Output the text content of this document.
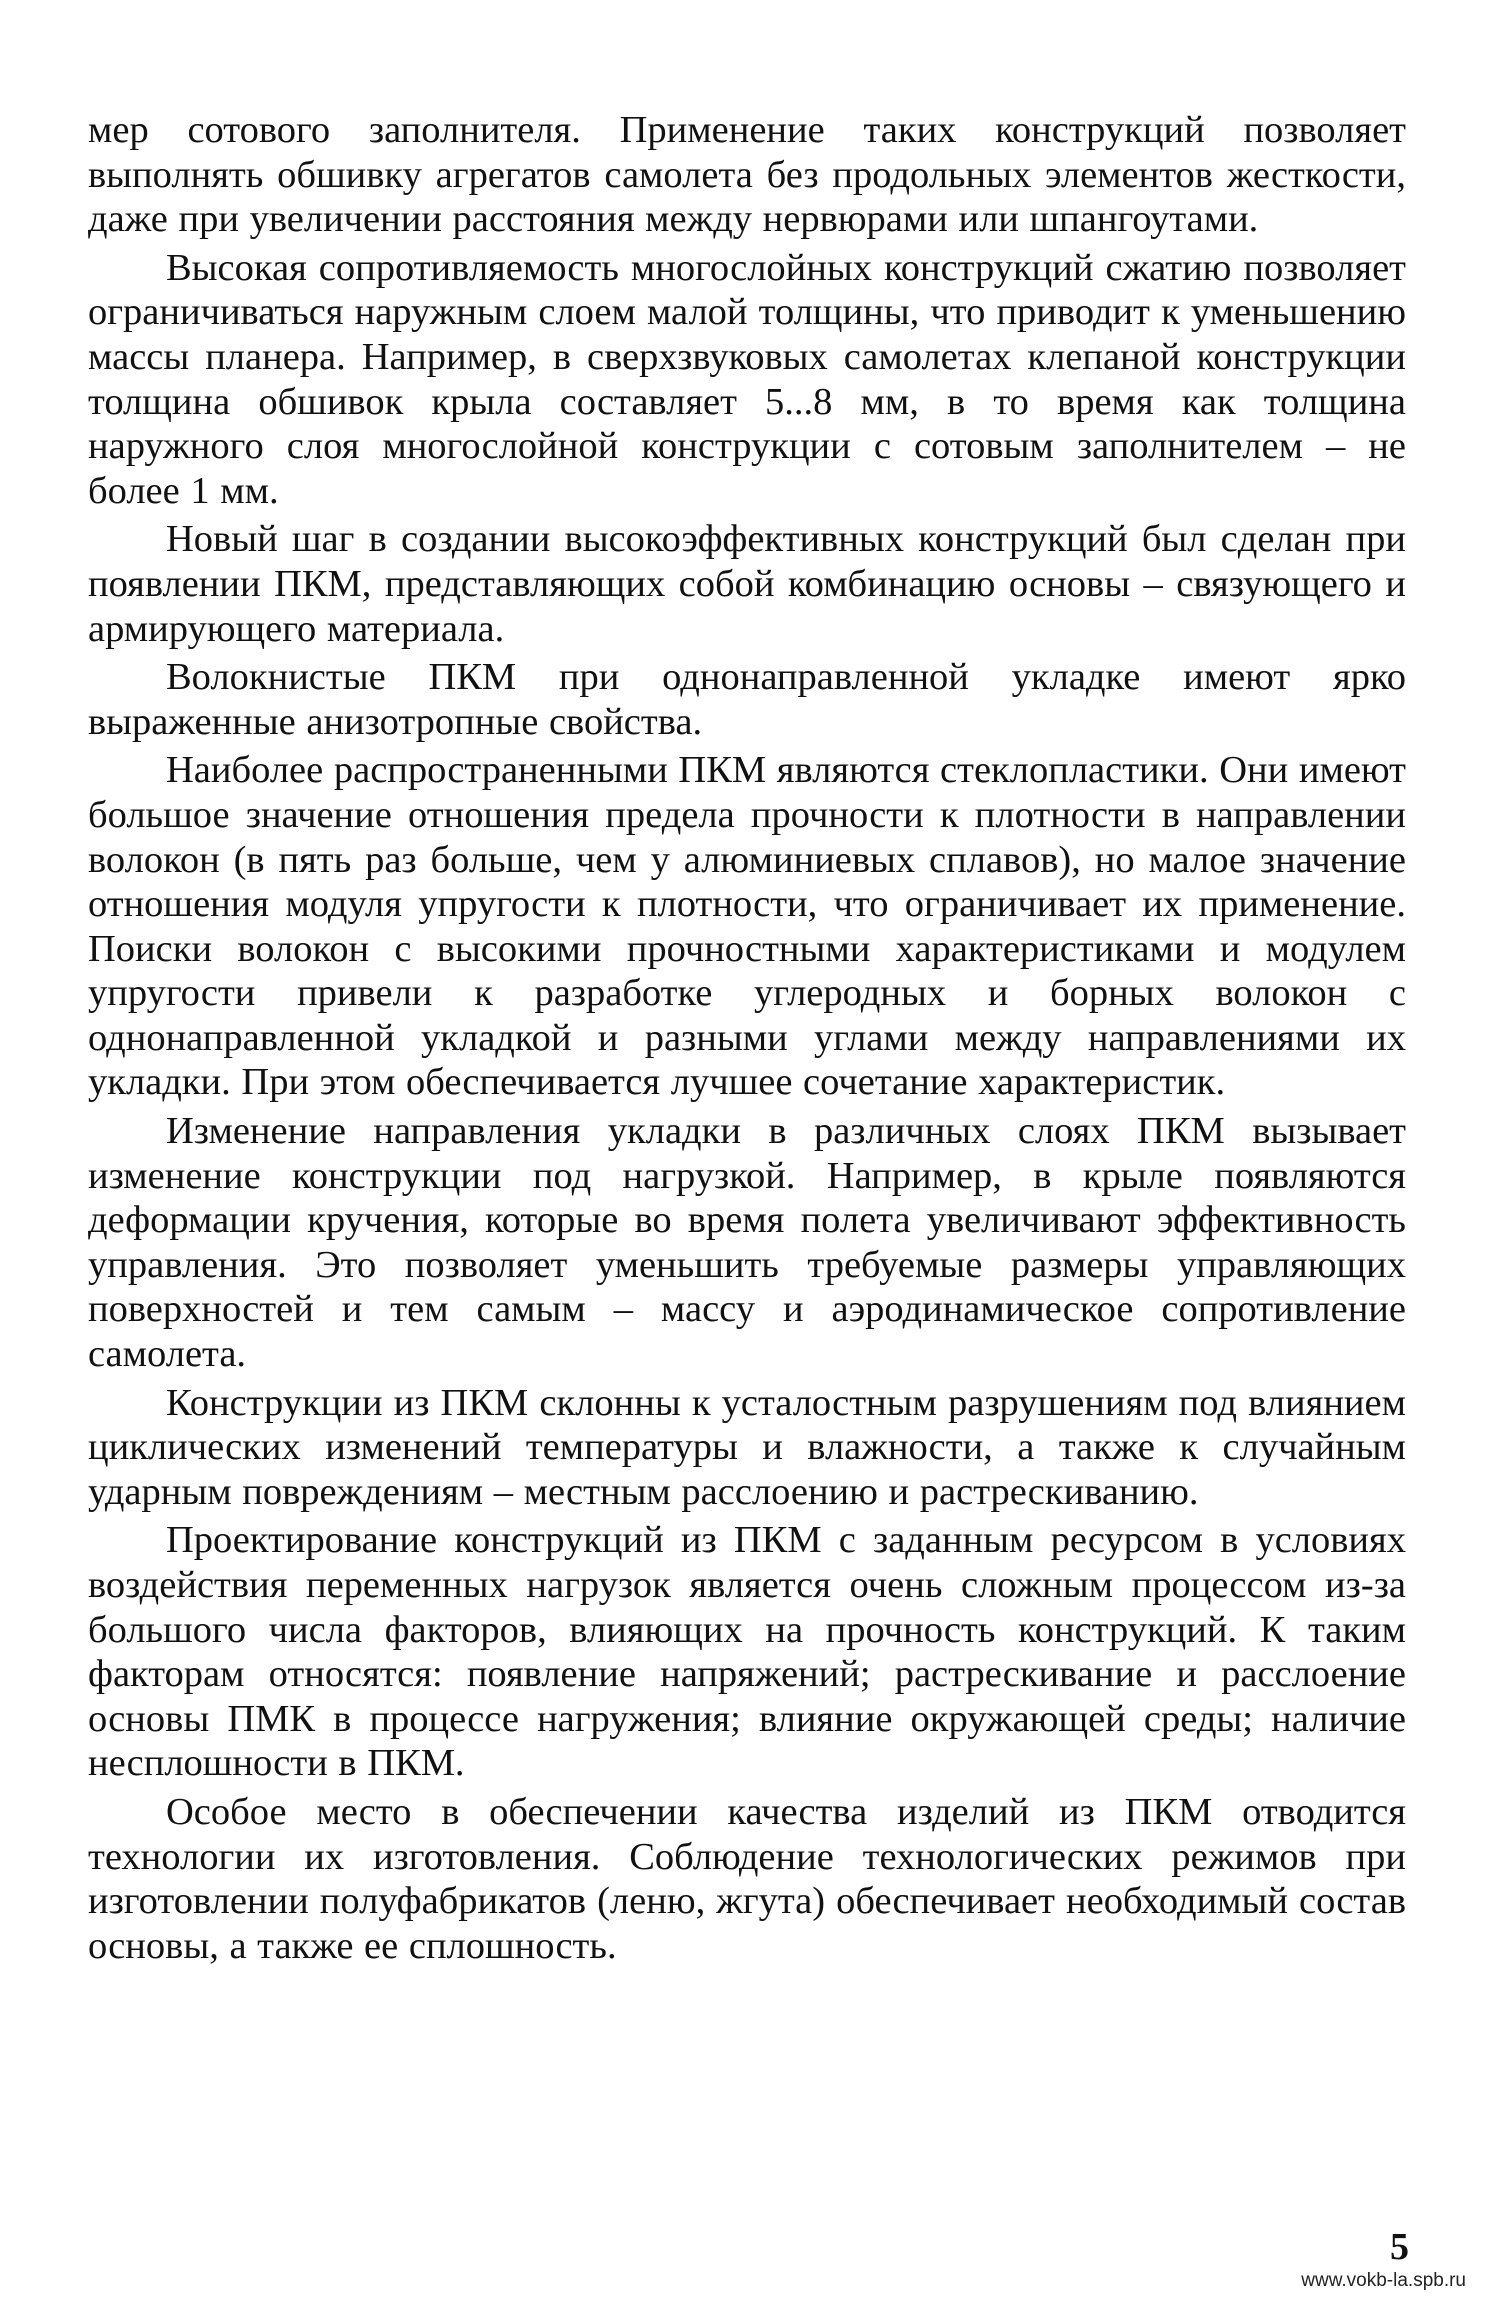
мер сотового заполнителя. Применение таких конструкций позволяет выполнять обшивку агрегатов самолета без продольных элементов жесткости, даже при увеличении расстояния между нервюрами или шпангоутами.

Высокая сопротивляемость многослойных конструкций сжатию позволяет ограничиваться наружным слоем малой толщины, что приводит к уменьшению массы планера. Например, в сверхзвуковых самолетах клепаной конструкции толщина обшивок крыла составляет 5...8 мм, в то время как толщина наружного слоя многослойной конструкции с сотовым заполнителем – не более 1 мм.

Новый шаг в создании высокоэффективных конструкций был сделан при появлении ПКМ, представляющих собой комбинацию основы – связующего и армирующего материала.

Волокнистые ПКМ при однонаправленной укладке имеют ярко выраженные анизотропные свойства.

Наиболее распространенными ПКМ являются стеклопластики. Они имеют большое значение отношения предела прочности к плотности в направлении волокон (в пять раз больше, чем у алюминиевых сплавов), но малое значение отношения модуля упругости к плотности, что ограничивает их применение. Поиски волокон с высокими прочностными характеристиками и модулем упругости привели к разработке углеродных и борных волокон с однонаправленной укладкой и разными углами между направлениями их укладки. При этом обеспечивается лучшее сочетание характеристик.

Изменение направления укладки в различных слоях ПКМ вызывает изменение конструкции под нагрузкой. Например, в крыле появляются деформации кручения, которые во время полета увеличивают эффективность управления. Это позволяет уменьшить требуемые размеры управляющих поверхностей и тем самым – массу и аэродинамическое сопротивление самолета.

Конструкции из ПКМ склонны к усталостным разрушениям под влиянием циклических изменений температуры и влажности, а также к случайным ударным повреждениям – местным расслоению и растрескиванию.

Проектирование конструкций из ПКМ с заданным ресурсом в условиях воздействия переменных нагрузок является очень сложным процессом из-за большого числа факторов, влияющих на прочность конструкций. К таким факторам относятся: появление напряжений; растрескивание и расслоение основы ПМК в процессе нагружения; влияние окружающей среды; наличие несплошности в ПКМ.

Особое место в обеспечении качества изделий из ПКМ отводится технологии их изготовления. Соблюдение технологических режимов при изготовлении полуфабрикатов (леню, жгута) обеспечивает необходимый состав основы, а также ее сплошность.

5
www.vokb-la.spb.ru
